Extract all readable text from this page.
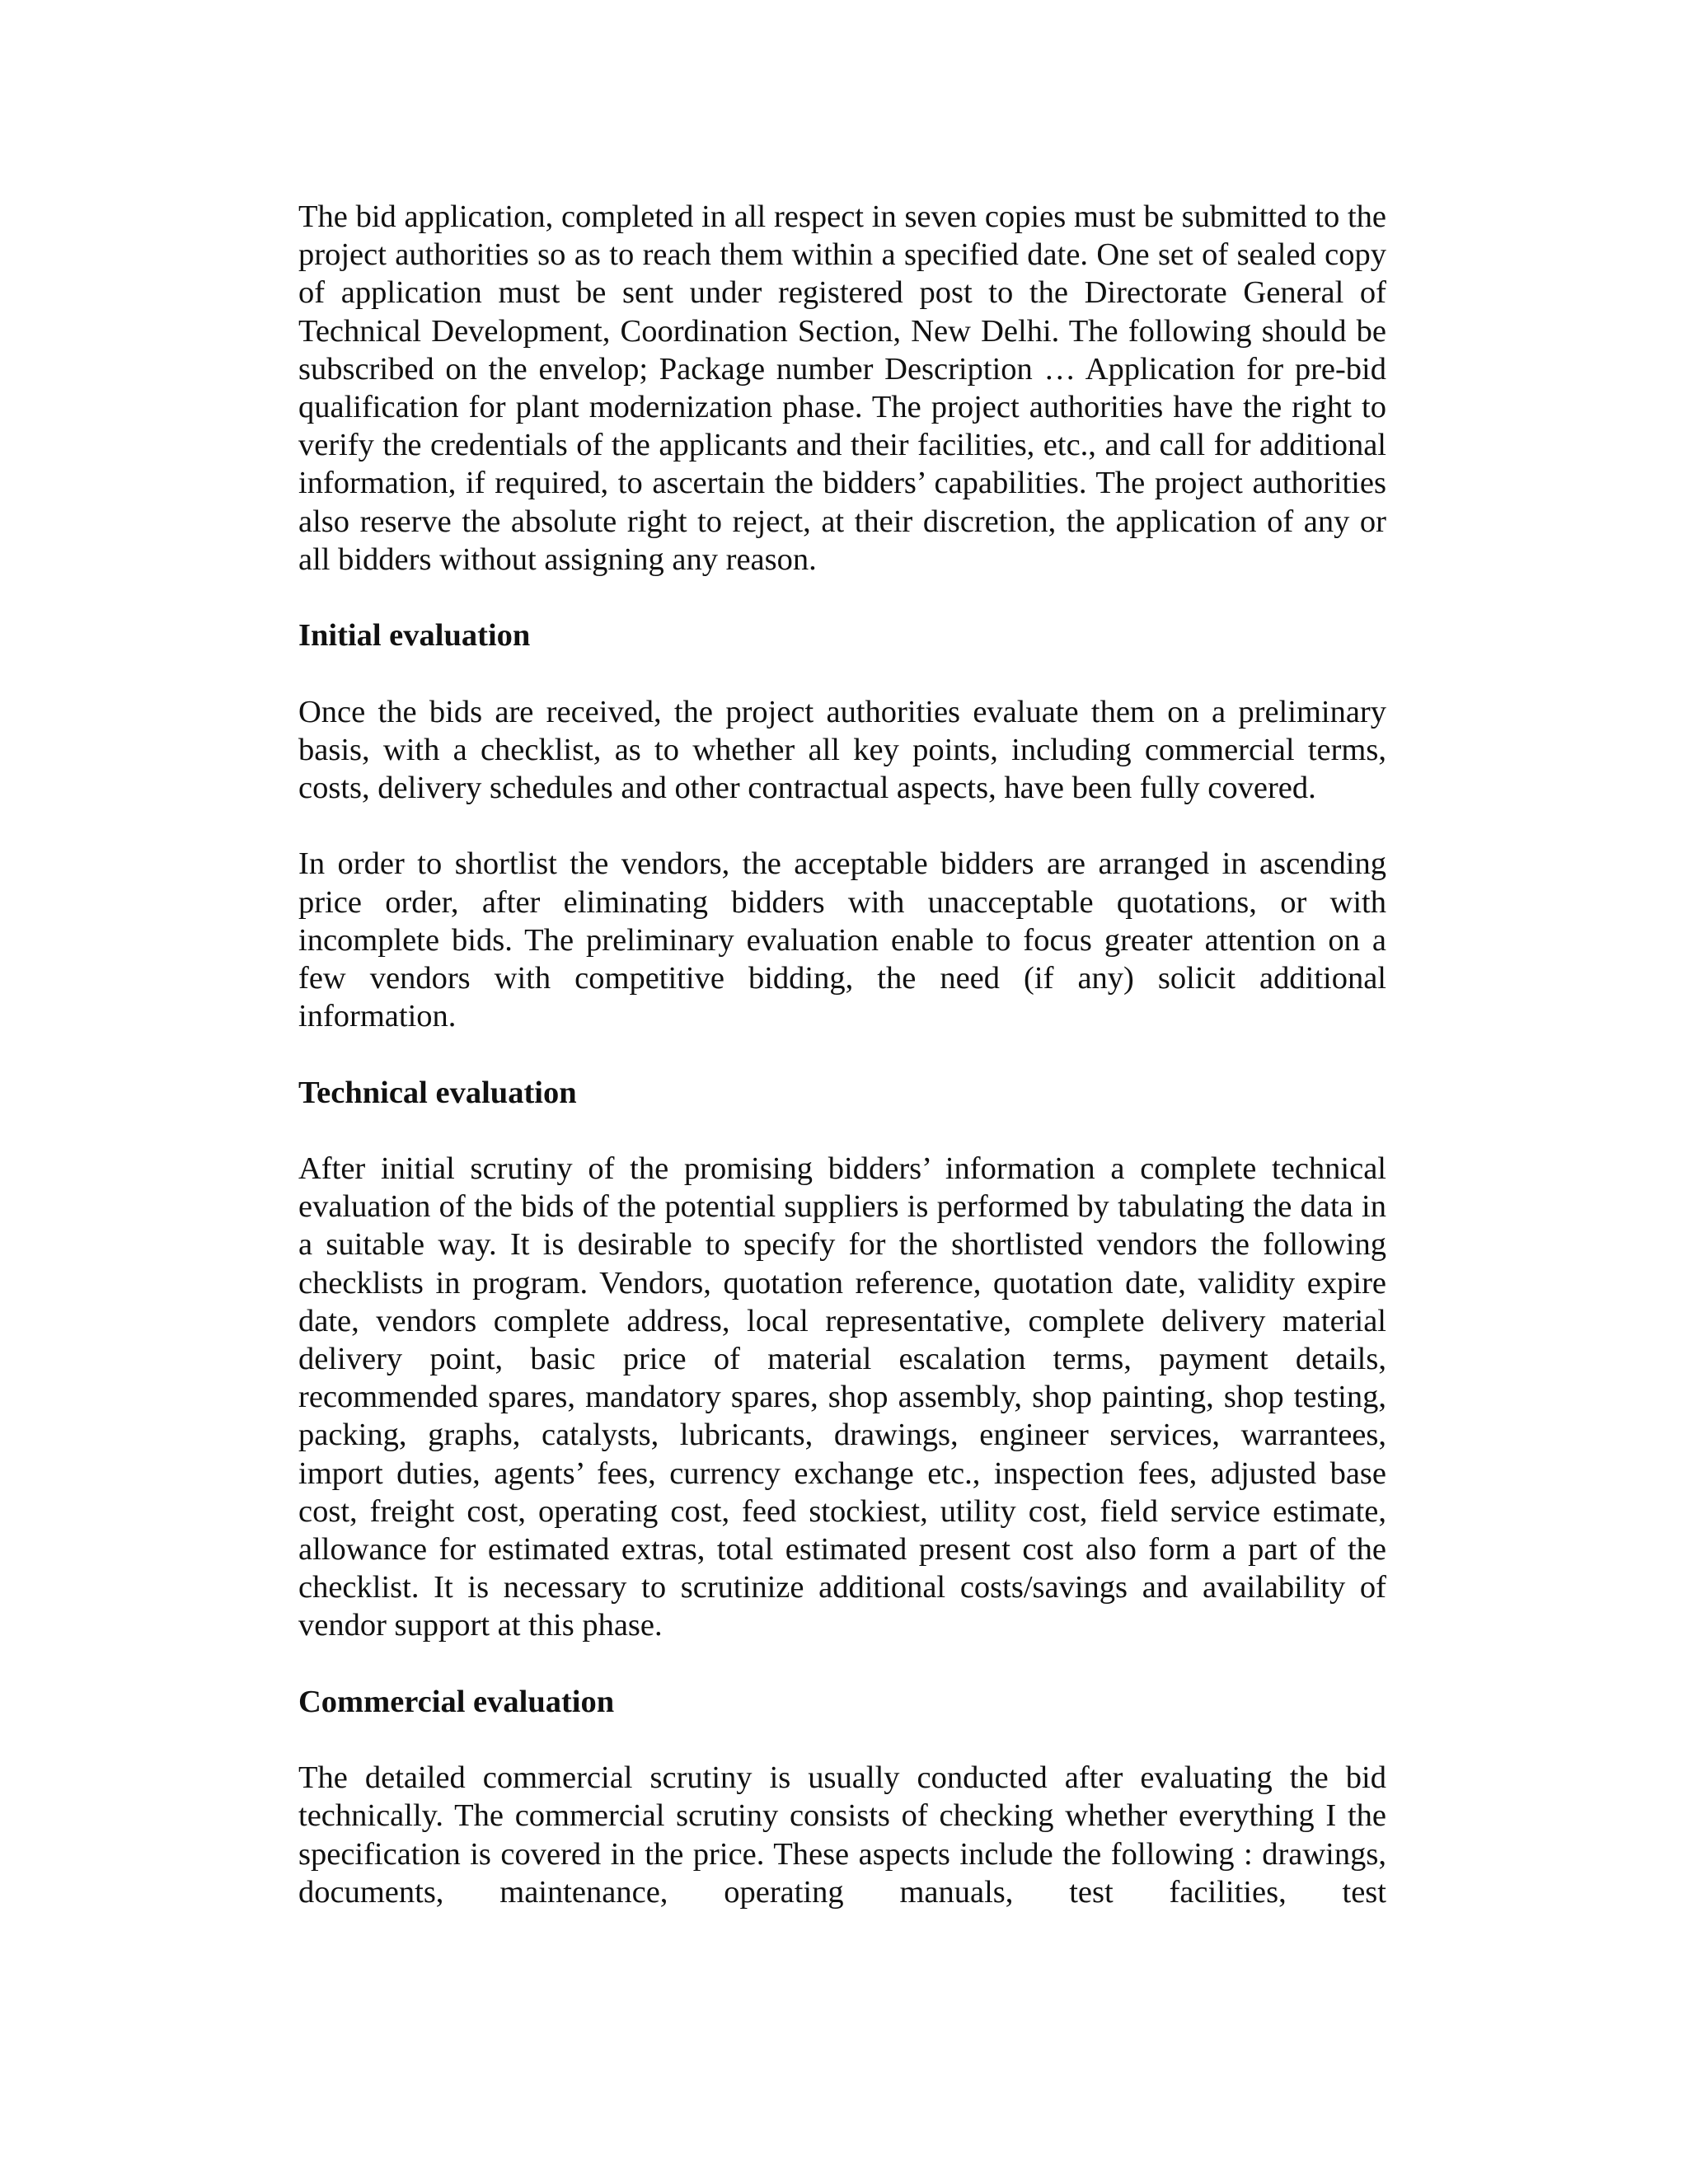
The bid application, completed in all respect in seven copies must be submitted to the project authorities so as to reach them within a specified date. One set of sealed copy of application must be sent under registered post to the Directorate General of Technical Development, Coordination Section, New Delhi. The following should be subscribed on the envelop; Package number Description … Application for pre-bid qualification for plant modernization phase. The project authorities have the right to verify the credentials of the applicants and their facilities, etc., and call for additional information, if required, to ascertain the bidders’ capabilities. The project authorities also reserve the absolute right to reject, at their discretion, the application of any or all bidders without assigning any reason.

Initial evaluation

Once the bids are received, the project authorities evaluate them on a preliminary basis, with a checklist, as to whether all key points, including commercial terms, costs, delivery schedules and other contractual aspects, have been fully covered.

In order to shortlist the vendors, the acceptable bidders are arranged in ascending price order, after eliminating bidders with unacceptable quotations, or with incomplete bids. The preliminary evaluation enable to focus greater attention on a few vendors with competitive bidding, the need (if any) solicit additional information.

Technical evaluation

After initial scrutiny of the promising bidders’ information a complete technical evaluation of the bids of the potential suppliers is performed by tabulating the data in a suitable way. It is desirable to specify for the shortlisted vendors the following checklists in program. Vendors, quotation reference, quotation date, validity expire date, vendors complete address, local representative, complete delivery material delivery point, basic price of material escalation terms, payment details, recommended spares, mandatory spares, shop assembly, shop painting, shop testing, packing, graphs, catalysts, lubricants, drawings, engineer services, warrantees, import duties, agents’ fees, currency exchange etc., inspection fees, adjusted base cost, freight cost, operating cost, feed stockiest, utility cost, field service estimate, allowance for estimated extras, total estimated present cost also form a part of the checklist. It is necessary to scrutinize additional costs/savings and availability of vendor support at this phase.

Commercial evaluation

The detailed commercial scrutiny is usually conducted after evaluating the bid technically. The commercial scrutiny consists of checking whether everything I the specification is covered in the price. These aspects include the following : drawings, documents, maintenance, operating manuals, test facilities, test
